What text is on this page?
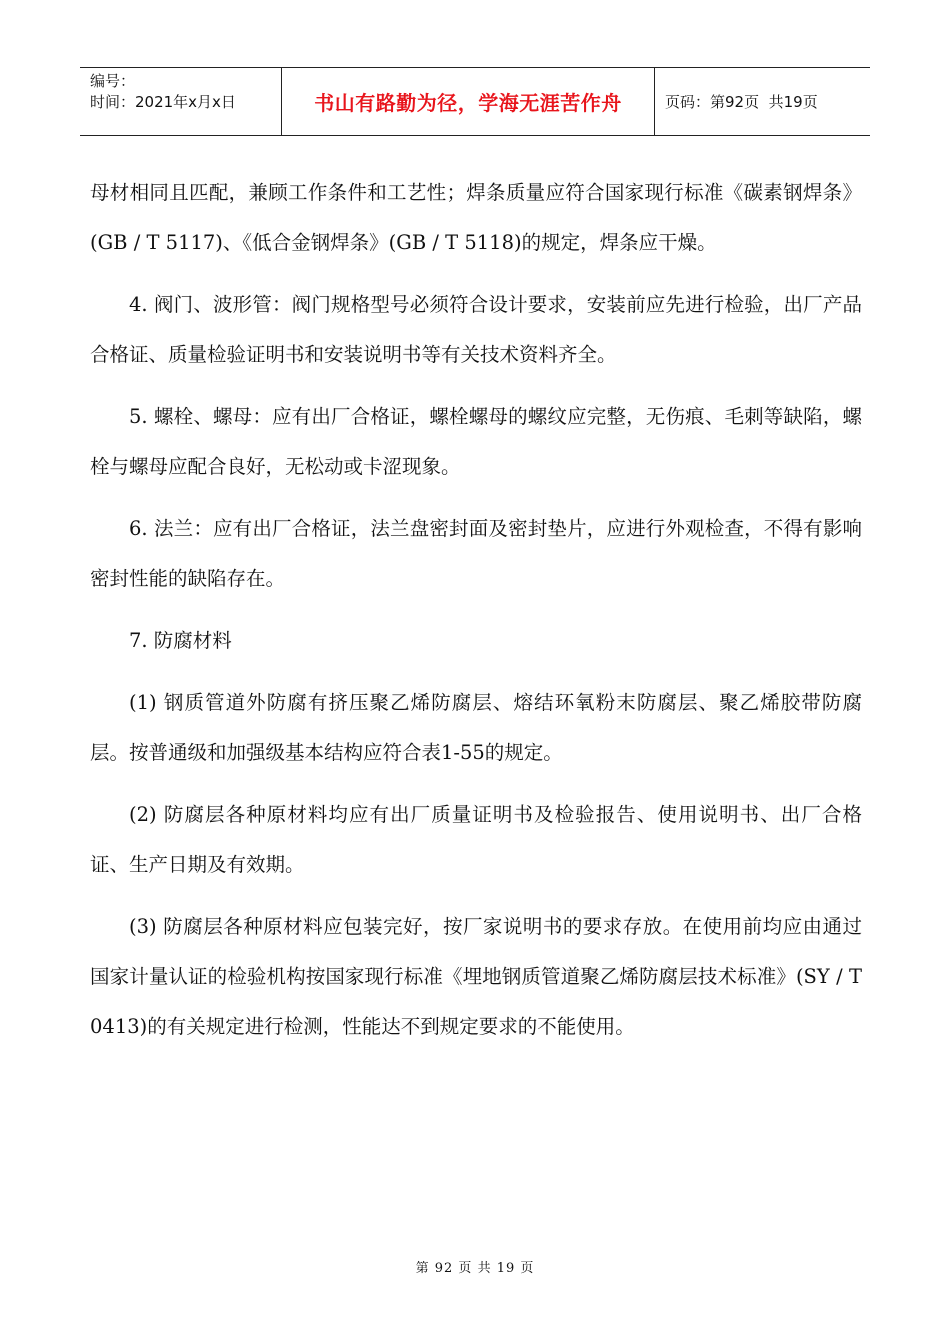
编号：
时间：2021年x月x日	书山有路勤为径，学海无涯苦作舟	页码：第92页  共19页

母材相同且匹配，兼顾工作条件和工艺性；焊条质量应符合国家现行标准《碳素钢焊条》(GB / T 5117)、《低合金钢焊条》(GB / T 5118)的规定，焊条应干燥。

4. 阀门、波形管：阀门规格型号必须符合设计要求，安装前应先进行检验，出厂产品合格证、质量检验证明书和安装说明书等有关技术资料齐全。

5. 螺栓、螺母：应有出厂合格证，螺栓螺母的螺纹应完整，无伤痕、毛刺等缺陷，螺栓与螺母应配合良好，无松动或卡涩现象。

6. 法兰：应有出厂合格证，法兰盘密封面及密封垫片，应进行外观检查，不得有影响密封性能的缺陷存在。

7. 防腐材料

(1) 钢质管道外防腐有挤压聚乙烯防腐层、熔结环氧粉末防腐层、聚乙烯胶带防腐层。按普通级和加强级基本结构应符合表1-55的规定。

(2) 防腐层各种原材料均应有出厂质量证明书及检验报告、使用说明书、出厂合格证、生产日期及有效期。

(3) 防腐层各种原材料应包装完好，按厂家说明书的要求存放。在使用前均应由通过国家计量认证的检验机构按国家现行标准《埋地钢质管道聚乙烯防腐层技术标准》(SY / T 0413)的有关规定进行检测，性能达不到规定要求的不能使用。

第 92 页 共 19 页
